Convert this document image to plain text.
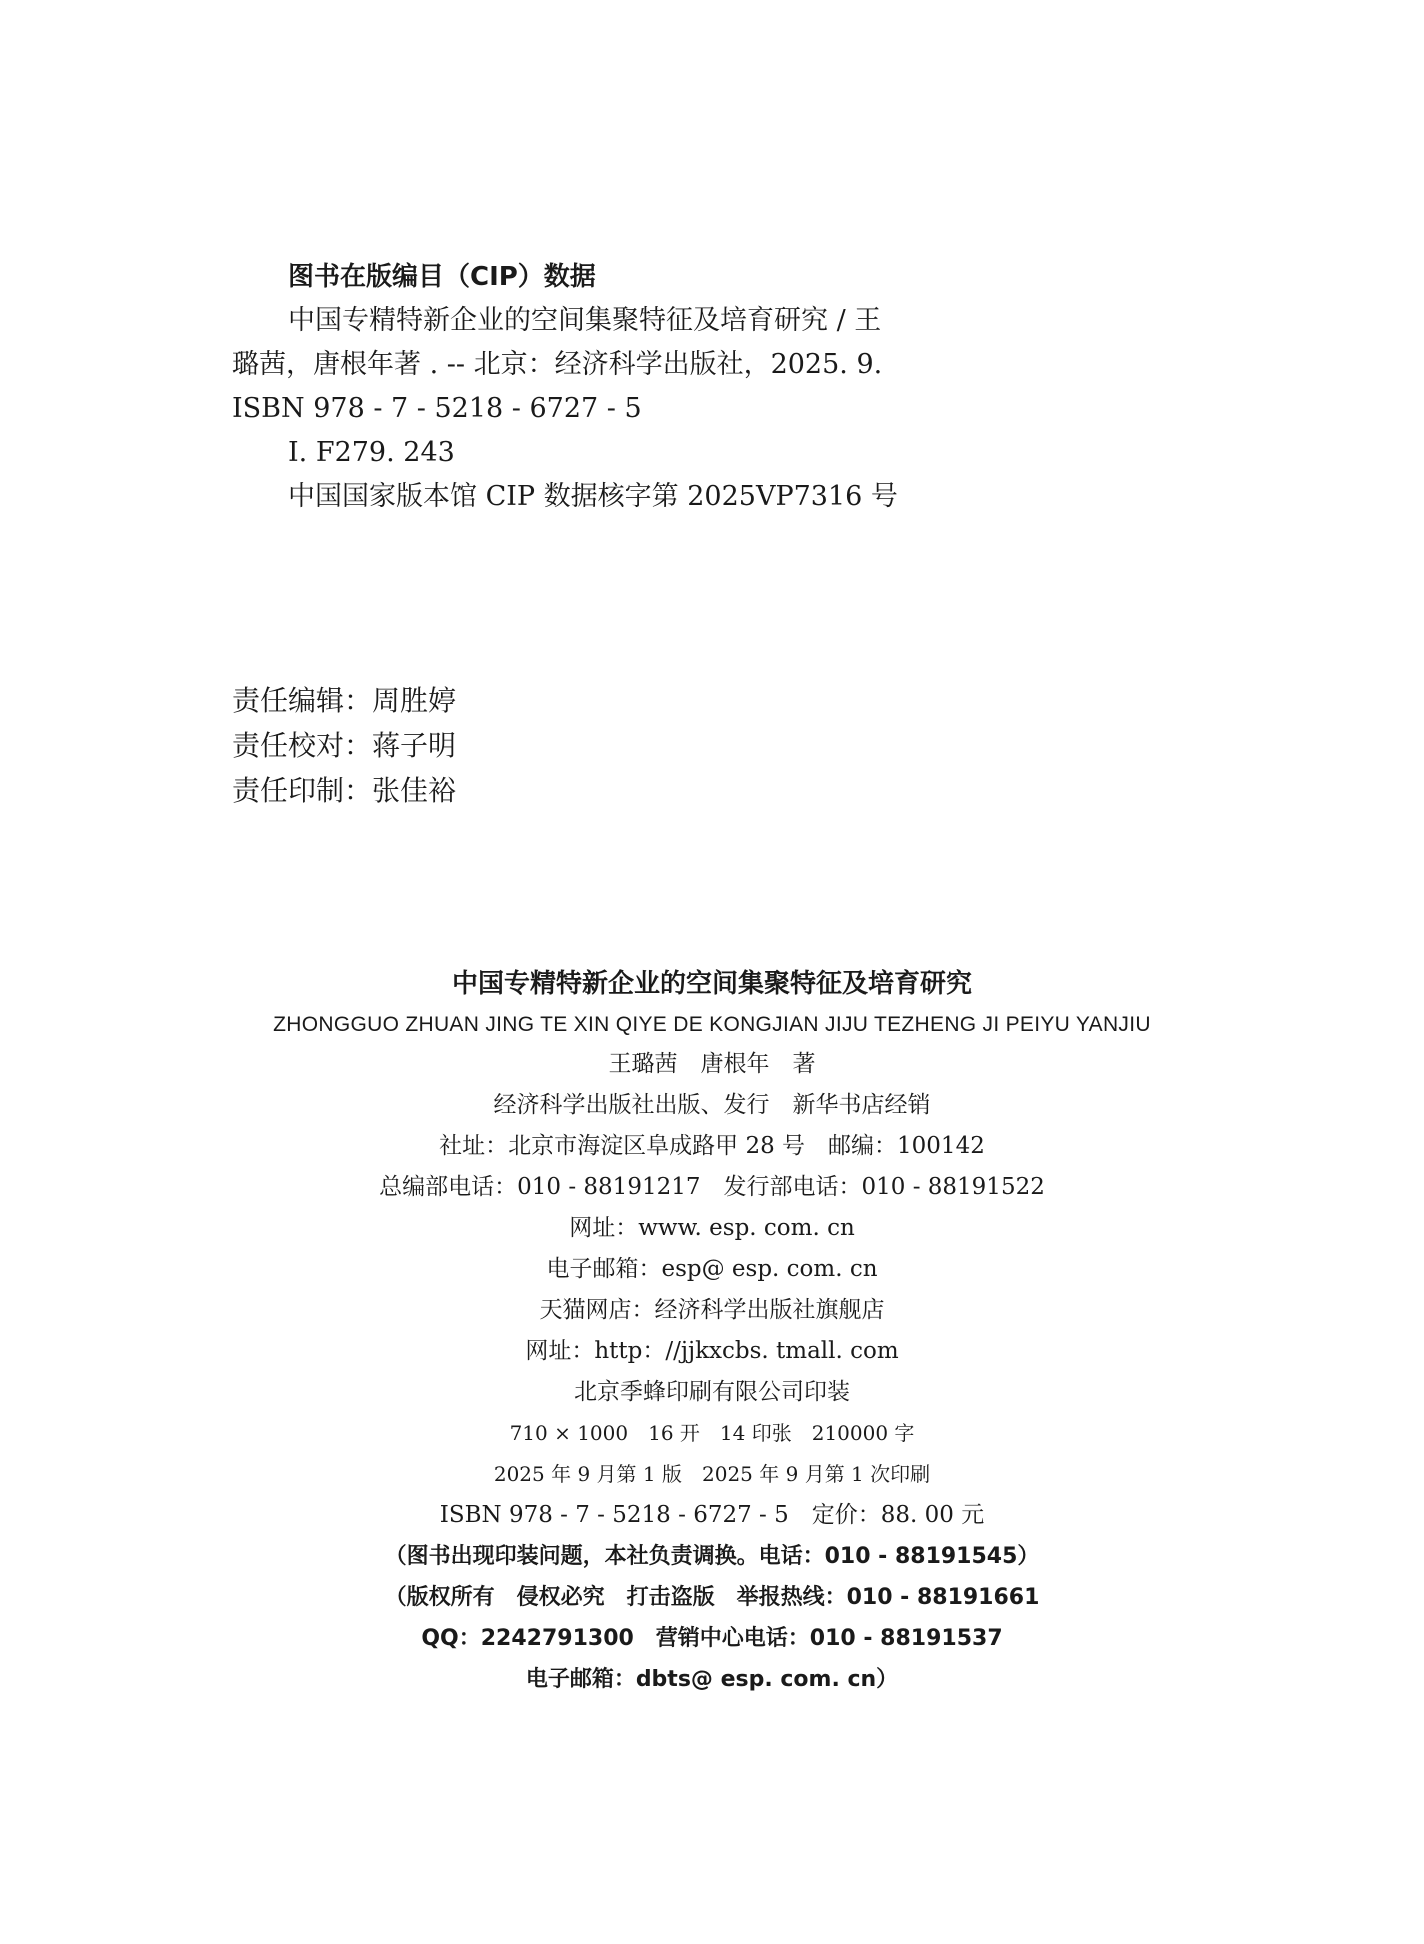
图书在版编目（CIP）数据
中国专精特新企业的空间集聚特征及培育研究 / 王
璐茜，唐根年著 . -- 北京：经济科学出版社，2025. 9.
ISBN 978 - 7 - 5218 - 6727 - 5
Ⅰ. F279. 243
中国国家版本馆 CIP 数据核字第 2025VP7316 号
责任编辑：周胜婷
责任校对：蒋子明
责任印制：张佳裕
中国专精特新企业的空间集聚特征及培育研究
ZHONGGUO ZHUAN JING TE XIN QIYE DE KONGJIAN JIJU TEZHENG JI PEIYU YANJIU
王璐茜　唐根年　著
经济科学出版社出版、发行　新华书店经销
社址：北京市海淀区阜成路甲 28 号　邮编：100142
总编部电话：010 - 88191217　发行部电话：010 - 88191522
网址：www. esp. com. cn
电子邮箱：esp@ esp. com. cn
天猫网店：经济科学出版社旗舰店
网址：http：//jjkxcbs. tmall. com
北京季蜂印刷有限公司印装
710 × 1000　16 开　14 印张　210000 字
2025 年 9 月第 1 版　2025 年 9 月第 1 次印刷
ISBN 978 - 7 - 5218 - 6727 - 5　定价：88. 00 元
（图书出现印装问题，本社负责调换。电话：010 - 88191545）
（版权所有　侵权必究　打击盗版　举报热线：010 - 88191661
QQ：2242791300　营销中心电话：010 - 88191537
电子邮箱：dbts@ esp. com. cn）
